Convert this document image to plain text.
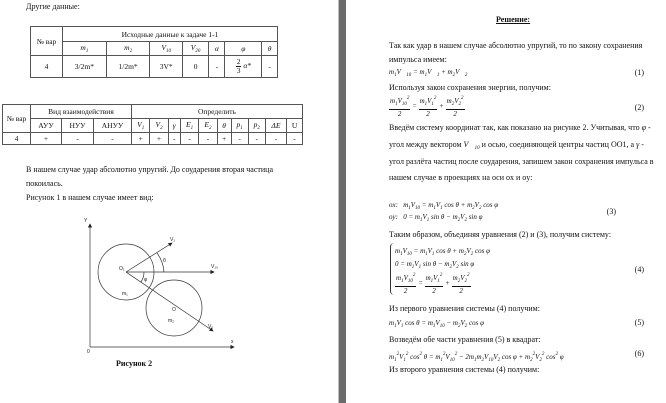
Другие данные:
№ вар	Исходные данные к задаче 1-1						
	$m_1$	$m_2$	$V_{10}$	$V_{20}$	α	φ	θ
4	3/2m*	1/2m*	3V*	0	-	$\frac{2}{3} \alpha*$	-
№ вар	Вид взаимодействия			Определить									
	АУУ	НУУ	АНУУ	$V_1$	$V_2$	γ	$E_1$	$E_2$	θ	$p_1$	$p_2$	ΔE	U
4	+	-	-	+	+	-	-	-	+	-	-	-	-
В нашем случае удар абсолютно упругий. До соударения вторая частица
покоилась.
Рисунок 1 в нашем случае имеет вид:
Y
x
0
O₁
O
m₁
m₂
V₁
V₂
V₁₀
θ
φ
Рисунок 2
Решение:
Так как удар в нашем случае абсолютно упругий, то по закону сохранения
импульса имеем:
$m_1V⃗_{10}$ = $m_1V⃗_1$ + $m_2V⃗_2$	(1)
Используя закон сохранения энергии, получим:
$\frac{m_1V_{10}^2}{2} = \frac{m_1V_1^2}{2} + \frac{m_2V_2^2}{2}$	(2)
Введём систему координат так, как показано на рисунке 2. Учитывая, что φ -
угол между вектором $V⃗_{10}$ и осью, соединяющей центры частиц OO1, а γ -
угол разлёта частиц после соударения, запишем закон сохранения импульса в
нашем случае в проекциях на оси ox и oy:
ox:   $m_1V_{10} = m_1V_1$ $\cos \theta + m_2V_2$ cos φ
oy:   $0 = m_1V_1$ $\sin \theta - m_2V_2$ sin φ
(3)
Таким образом, объединяя уравнения (2) и (3), получим систему:
$m_1V_{10} = m_1V_1$ $\cos \theta + m_2V_2$ cos φ
$0 = m_1V_1$ $\sin \theta - m_2V_2$ sin φ
$\frac{m_1V_{10}^2}{2} = \frac{m_1V_1^2}{2} + \frac{m_2V_2^2}{2}$
(4)
Из первого уравнения системы (4) получим:
$m_1V_1$ $\cos \theta = m_1V_{10} - m_2V_2$ cos φ	(5)
Возведём обе части уравнения (5) в квадрат:
$m_1^2V_1^2$ $\cos^2 \theta = m_1^2V_{10}^2 - 2m_1m_2V_{10}V_2$ $\cos \varphi + m_2^2V_2^2$ $\cos^2 \varphi$	(6)
Из второго уравнения системы (4) получим:
